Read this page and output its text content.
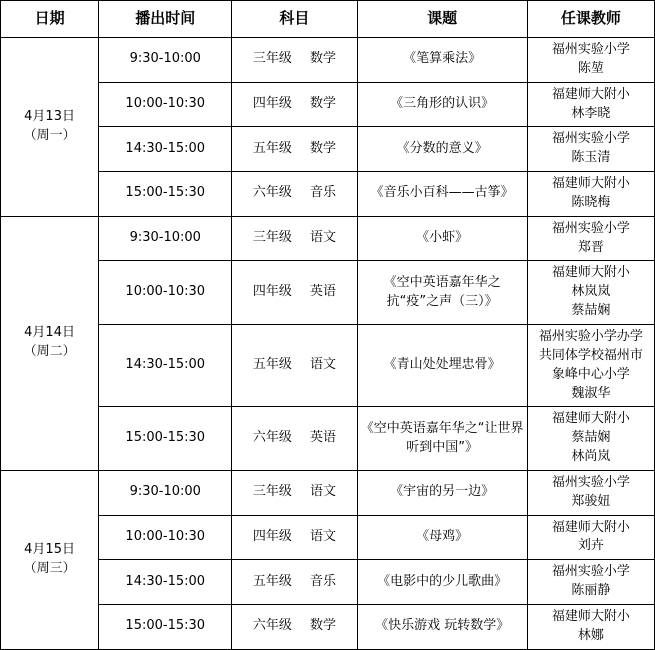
日期	播出时间	科目	课题	任课教师

4月13日
（周一）	9:30-10:00	三年级 数学	《笔算乘法》	福州实验小学
陈堃

	10:00-10:30	四年级 数学	《三角形的认识》	福建师大附小
林李晓

	14:30-15:00	五年级 数学	《分数的意义》	福州实验小学
陈玉清

	15:00-15:30	六年级 音乐	《音乐小百科——古筝》	福建师大附小
陈晓梅

4月14日
（周二）	9:30-10:00	三年级 语文	《小虾》	福州实验小学
郑晋

	10:00-10:30	四年级 英语	《空中英语嘉年华之抗“疫”之声（三）》	福建师大附小
林岚岚
蔡喆娴

	14:30-15:00	五年级 语文	《青山处处埋忠骨》	福州实验小学办学
共同体学校福州市
象峰中心小学
魏淑华

	15:00-15:30	六年级 英语	《空中英语嘉年华之“让世界听到中国”》	福建师大附小
蔡喆娴
林尚岚

4月15日
（周三）	9:30-10:00	三年级 语文	《宇宙的另一边》	福州实验小学
郑骏妞

	10:00-10:30	四年级 语文	《母鸡》	福建师大附小
刘卉

	14:30-15:00	五年级 音乐	《电影中的少儿歌曲》	福州实验小学
陈丽静

	15:00-15:30	六年级 数学	《快乐游戏 玩转数学》	福建师大附小
林娜
